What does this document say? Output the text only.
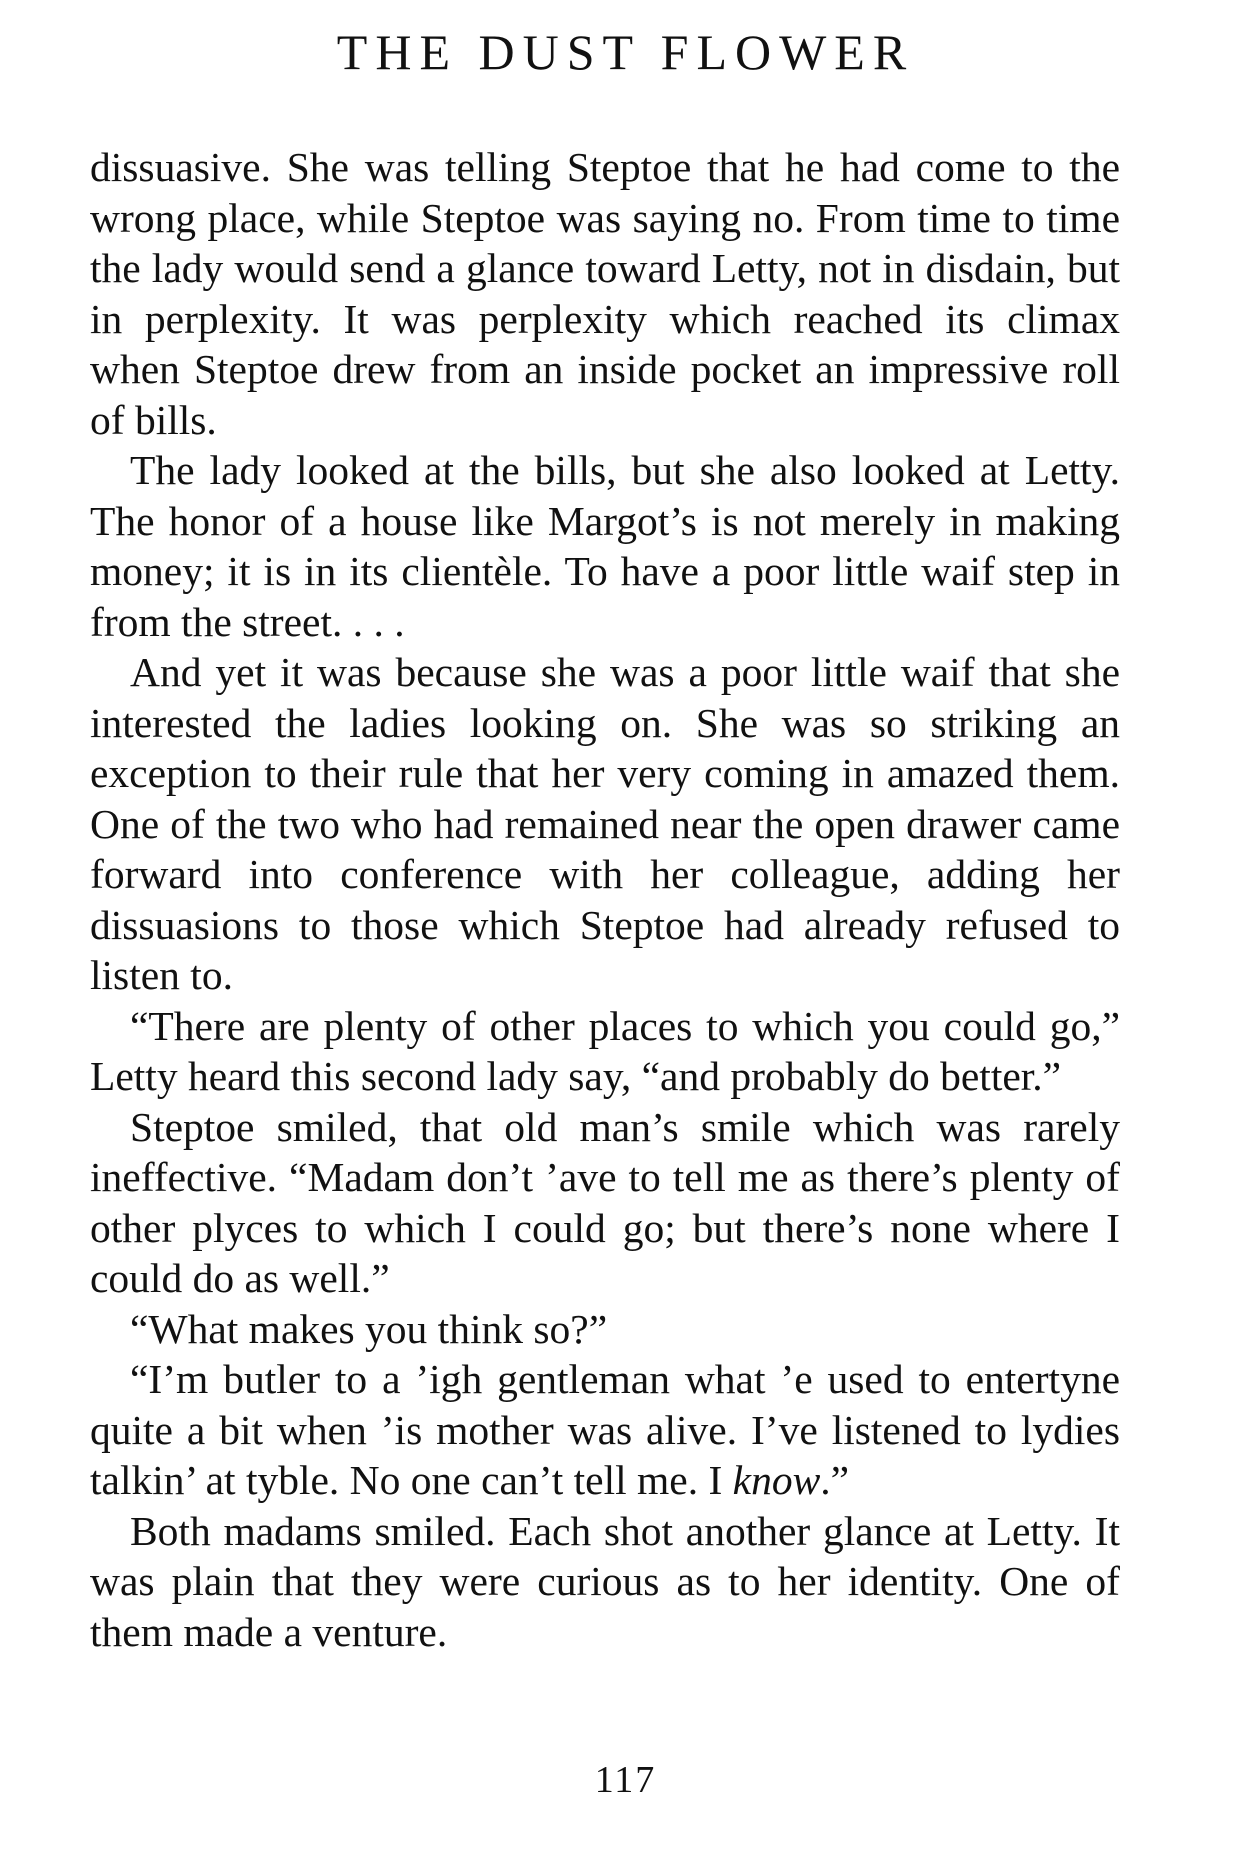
THE DUST FLOWER

dissuasive. She was telling Steptoe that he had come to the wrong place, while Steptoe was saying no. From time to time the lady would send a glance toward Letty, not in disdain, but in perplexity. It was perplexity which reached its climax when Steptoe drew from an inside pocket an impressive roll of bills.

The lady looked at the bills, but she also looked at Letty. The honor of a house like Margot’s is not merely in making money; it is in its clientèle. To have a poor little waif step in from the street. . . .

And yet it was because she was a poor little waif that she interested the ladies looking on. She was so striking an exception to their rule that her very coming in amazed them. One of the two who had remained near the open drawer came forward into conference with her colleague, adding her dissuasions to those which Steptoe had already refused to listen to.

“There are plenty of other places to which you could go,” Letty heard this second lady say, “and probably do better.”

Steptoe smiled, that old man’s smile which was rarely ineffective. “Madam don’t ’ave to tell me as there’s plenty of other plyces to which I could go; but there’s none where I could do as well.”

“What makes you think so?”

“I’m butler to a ’igh gentleman what ’e used to entertyne quite a bit when ’is mother was alive. I’ve listened to lydies talkin’ at tyble. No one can’t tell me. I know.”

Both madams smiled. Each shot another glance at Letty. It was plain that they were curious as to her identity. One of them made a venture.

117
